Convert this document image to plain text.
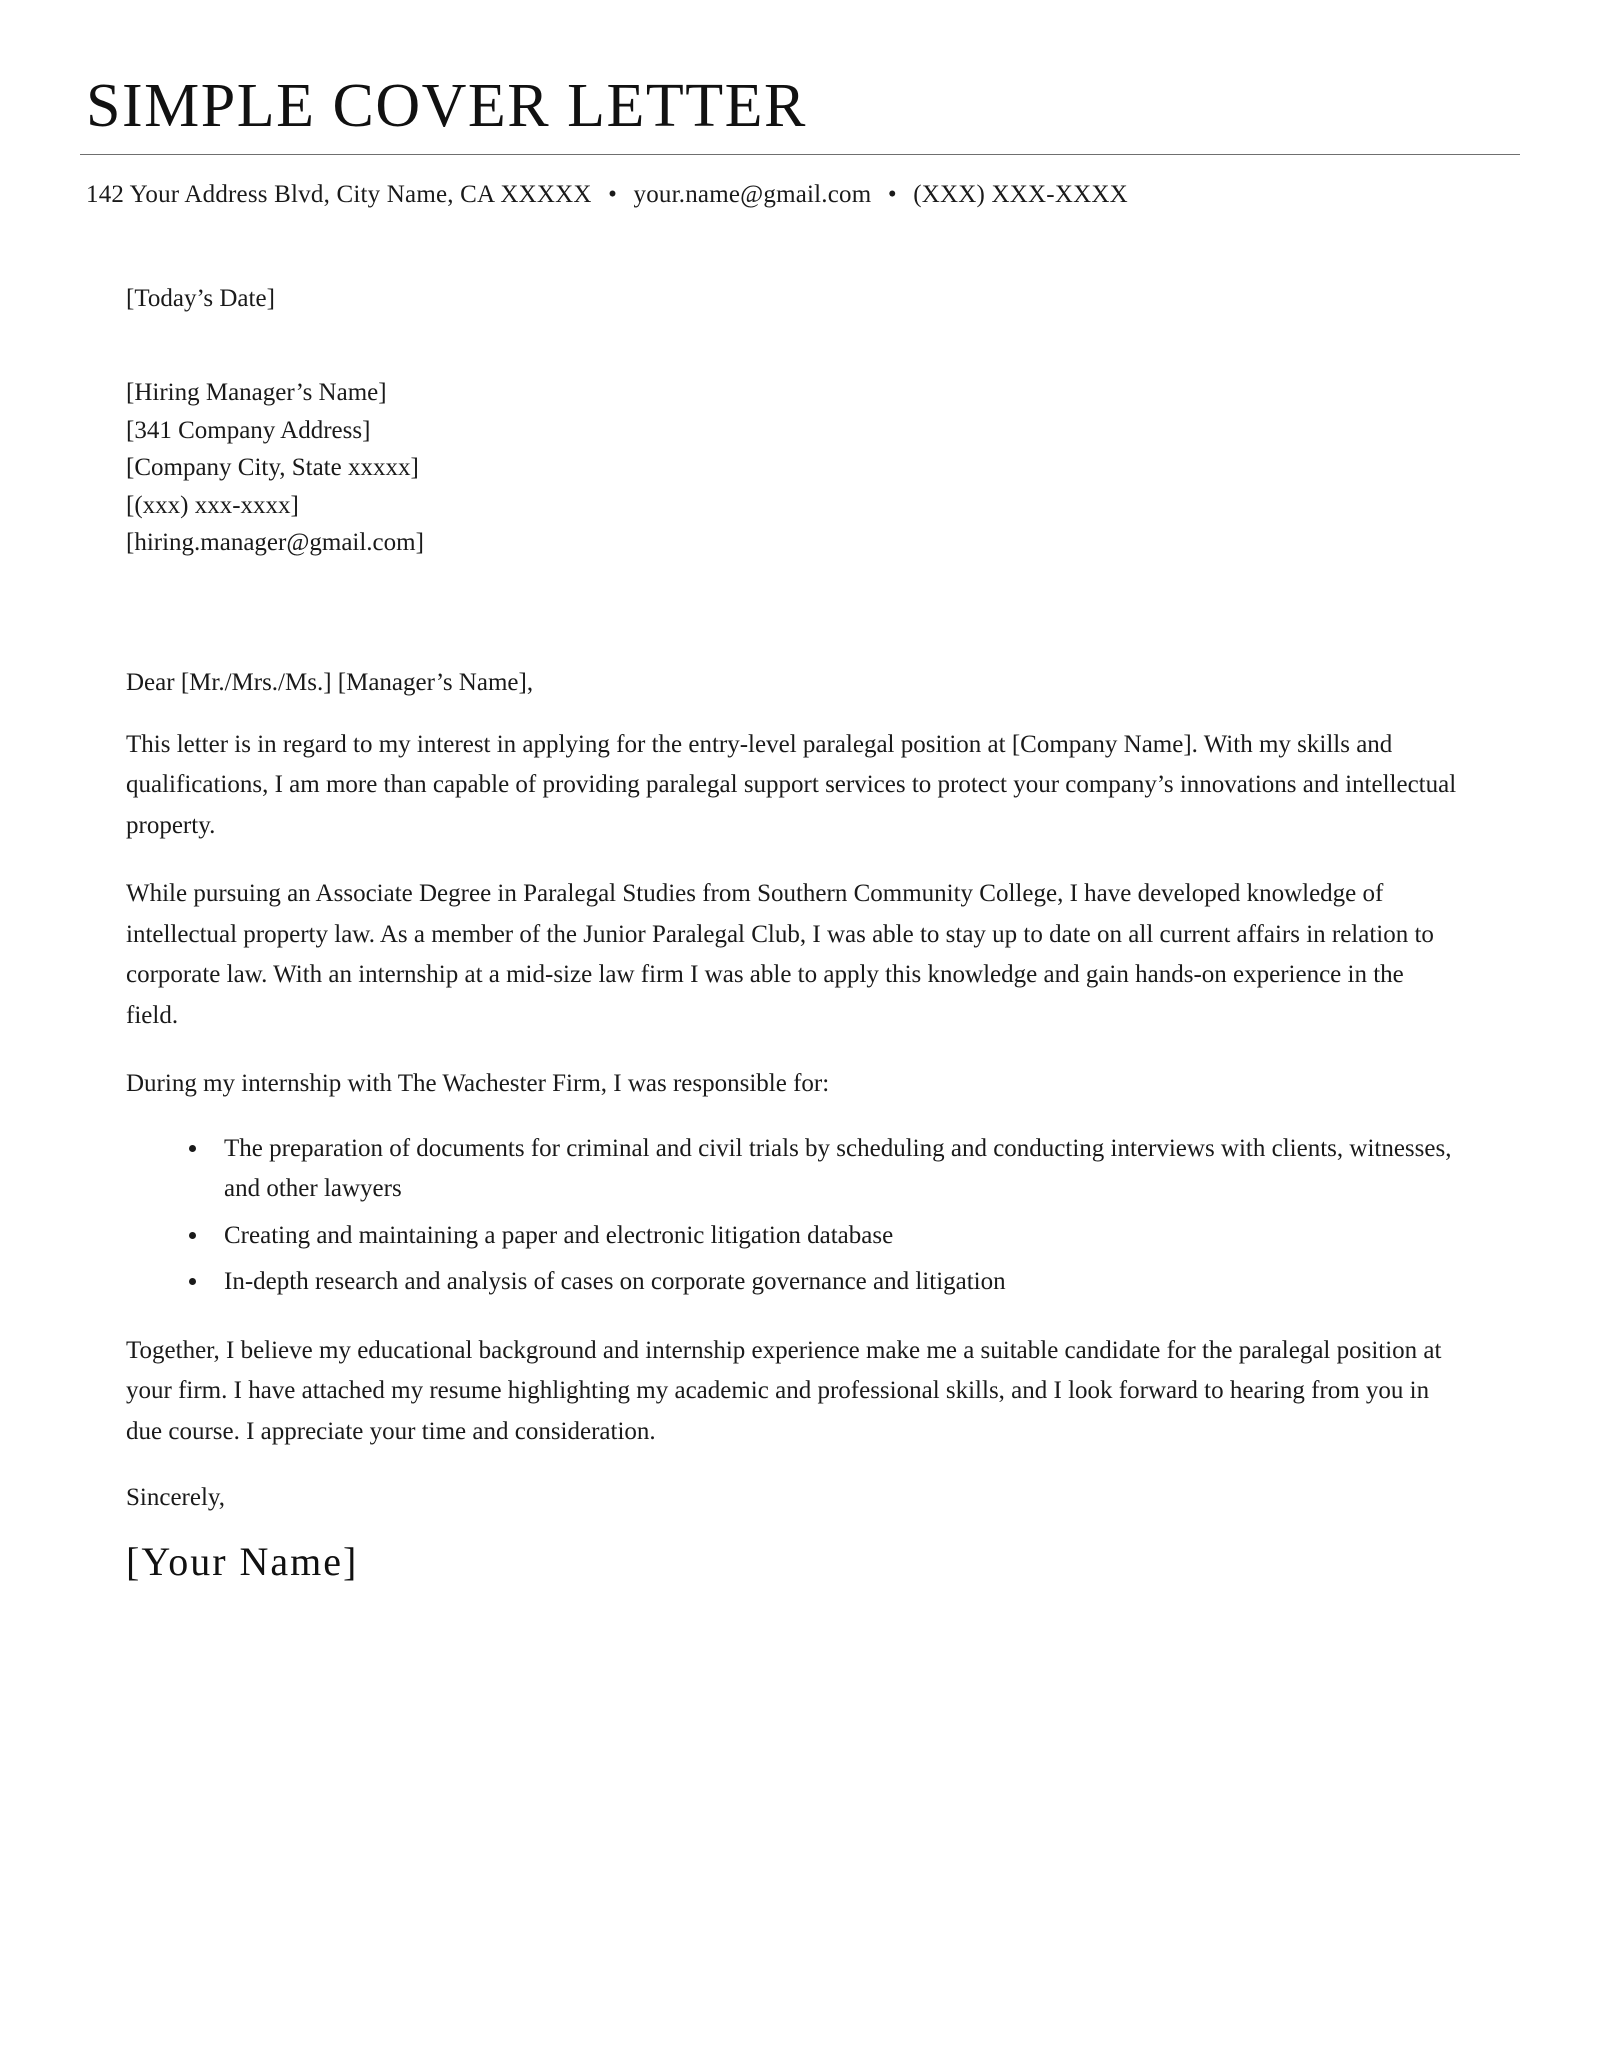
SIMPLE COVER LETTER
142 Your Address Blvd, City Name, CA XXXXX • your.name@gmail.com • (XXX) XXX-XXXX
[Today’s Date]
[Hiring Manager’s Name]
[341 Company Address]
[Company City, State xxxxx]
[(xxx) xxx-xxxx]
[hiring.manager@gmail.com]
Dear [Mr./Mrs./Ms.] [Manager’s Name],

This letter is in regard to my interest in applying for the entry-level paralegal position at [Company Name]. With my skills and qualifications, I am more than capable of providing paralegal support services to protect your company’s innovations and intellectual property.

While pursuing an Associate Degree in Paralegal Studies from Southern Community College, I have developed knowledge of intellectual property law. As a member of the Junior Paralegal Club, I was able to stay up to date on all current affairs in relation to corporate law. With an internship at a mid-size law firm I was able to apply this knowledge and gain hands-on experience in the field.

During my internship with The Wachester Firm, I was responsible for:

• The preparation of documents for criminal and civil trials by scheduling and conducting interviews with clients, witnesses, and other lawyers
• Creating and maintaining a paper and electronic litigation database
• In-depth research and analysis of cases on corporate governance and litigation

Together, I believe my educational background and internship experience make me a suitable candidate for the paralegal position at your firm. I have attached my resume highlighting my academic and professional skills, and I look forward to hearing from you in due course. I appreciate your time and consideration.

Sincerely,
[Your Name]
